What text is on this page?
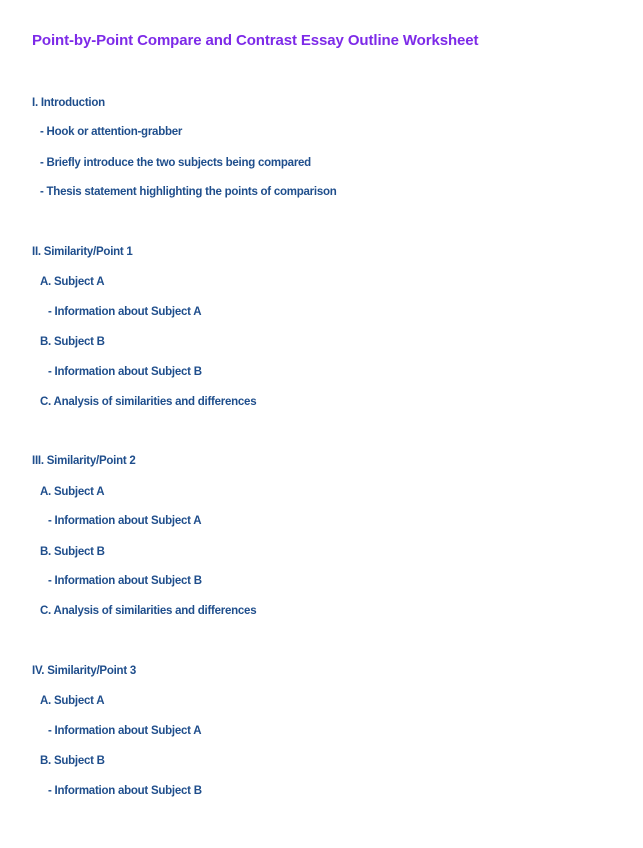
Point-by-Point Compare and Contrast Essay Outline Worksheet
I. Introduction
- Hook or attention-grabber
- Briefly introduce the two subjects being compared
- Thesis statement highlighting the points of comparison
II. Similarity/Point 1
A. Subject A
- Information about Subject A
B. Subject B
- Information about Subject B
C. Analysis of similarities and differences
III. Similarity/Point 2
A. Subject A
- Information about Subject A
B. Subject B
- Information about Subject B
C. Analysis of similarities and differences
IV. Similarity/Point 3
A. Subject A
- Information about Subject A
B. Subject B
- Information about Subject B
